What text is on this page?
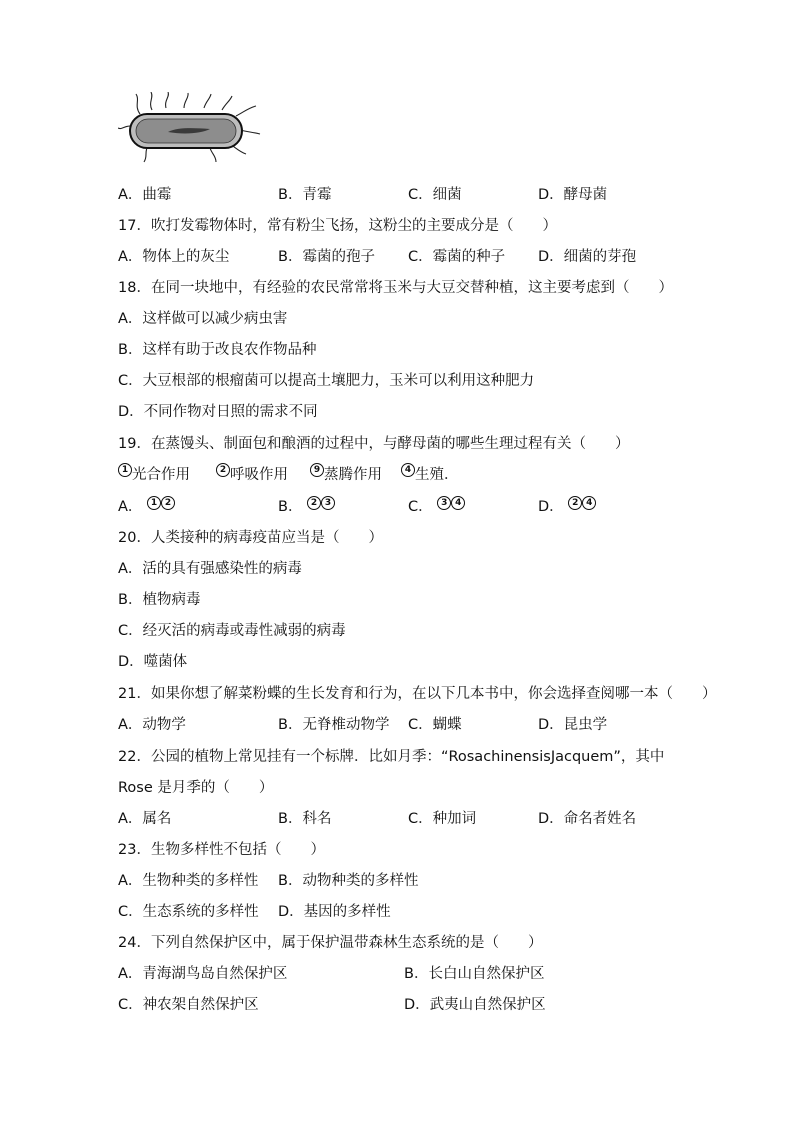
A．曲霉	B．青霉	C．细菌	D．酵母菌
17．吹打发霉物体时，常有粉尘飞扬，这粉尘的主要成分是（　　）
A．物体上的灰尘	B．霉菌的孢子 C．霉菌的种子 D．细菌的芽孢
18．在同一块地中，有经验的农民常常将玉米与大豆交替种植，这主要考虑到（　　）
A．这样做可以减少病虫害
B．这样有助于改良农作物品种
C．大豆根部的根瘤菌可以提高土壤肥力，玉米可以利用这种肥力
D．不同作物对日照的需求不同
19．在蒸馒头、制面包和酿酒的过程中，与酵母菌的哪些生理过程有关（　　）
1 光合作用	2 呼吸作用	9 蒸腾作用	4 生殖．
A． 1 2	B． 2 3	C． 3 4	D． 2 4
20．人类接种的病毒疫苗应当是（　　）
A．活的具有强感染性的病毒
B．植物病毒
C．经灭活的病毒或毒性减弱的病毒
D．噬菌体
21．如果你想了解菜粉蝶的生长发育和行为，在以下几本书中，你会选择查阅哪一本（　　）
A．动物学	B．无脊椎动物学 C．蝴蝶	D．昆虫学
22．公园的植物上常见挂有一个标牌．比如月季：“RosachinensisJacquem”，其中 Rose 是月季的（　　）
A．属名	B．科名	C．种加词	D．命名者姓名
23．生物多样性不包括（　　）
A．生物种类的多样性 B．动物种类的多样性
C．生态系统的多样性 D．基因的多样性
24．下列自然保护区中，属于保护温带森林生态系统的是（　　）
A．青海湖鸟岛自然保护区	B．长白山自然保护区
C．神农架自然保护区	D．武夷山自然保护区
